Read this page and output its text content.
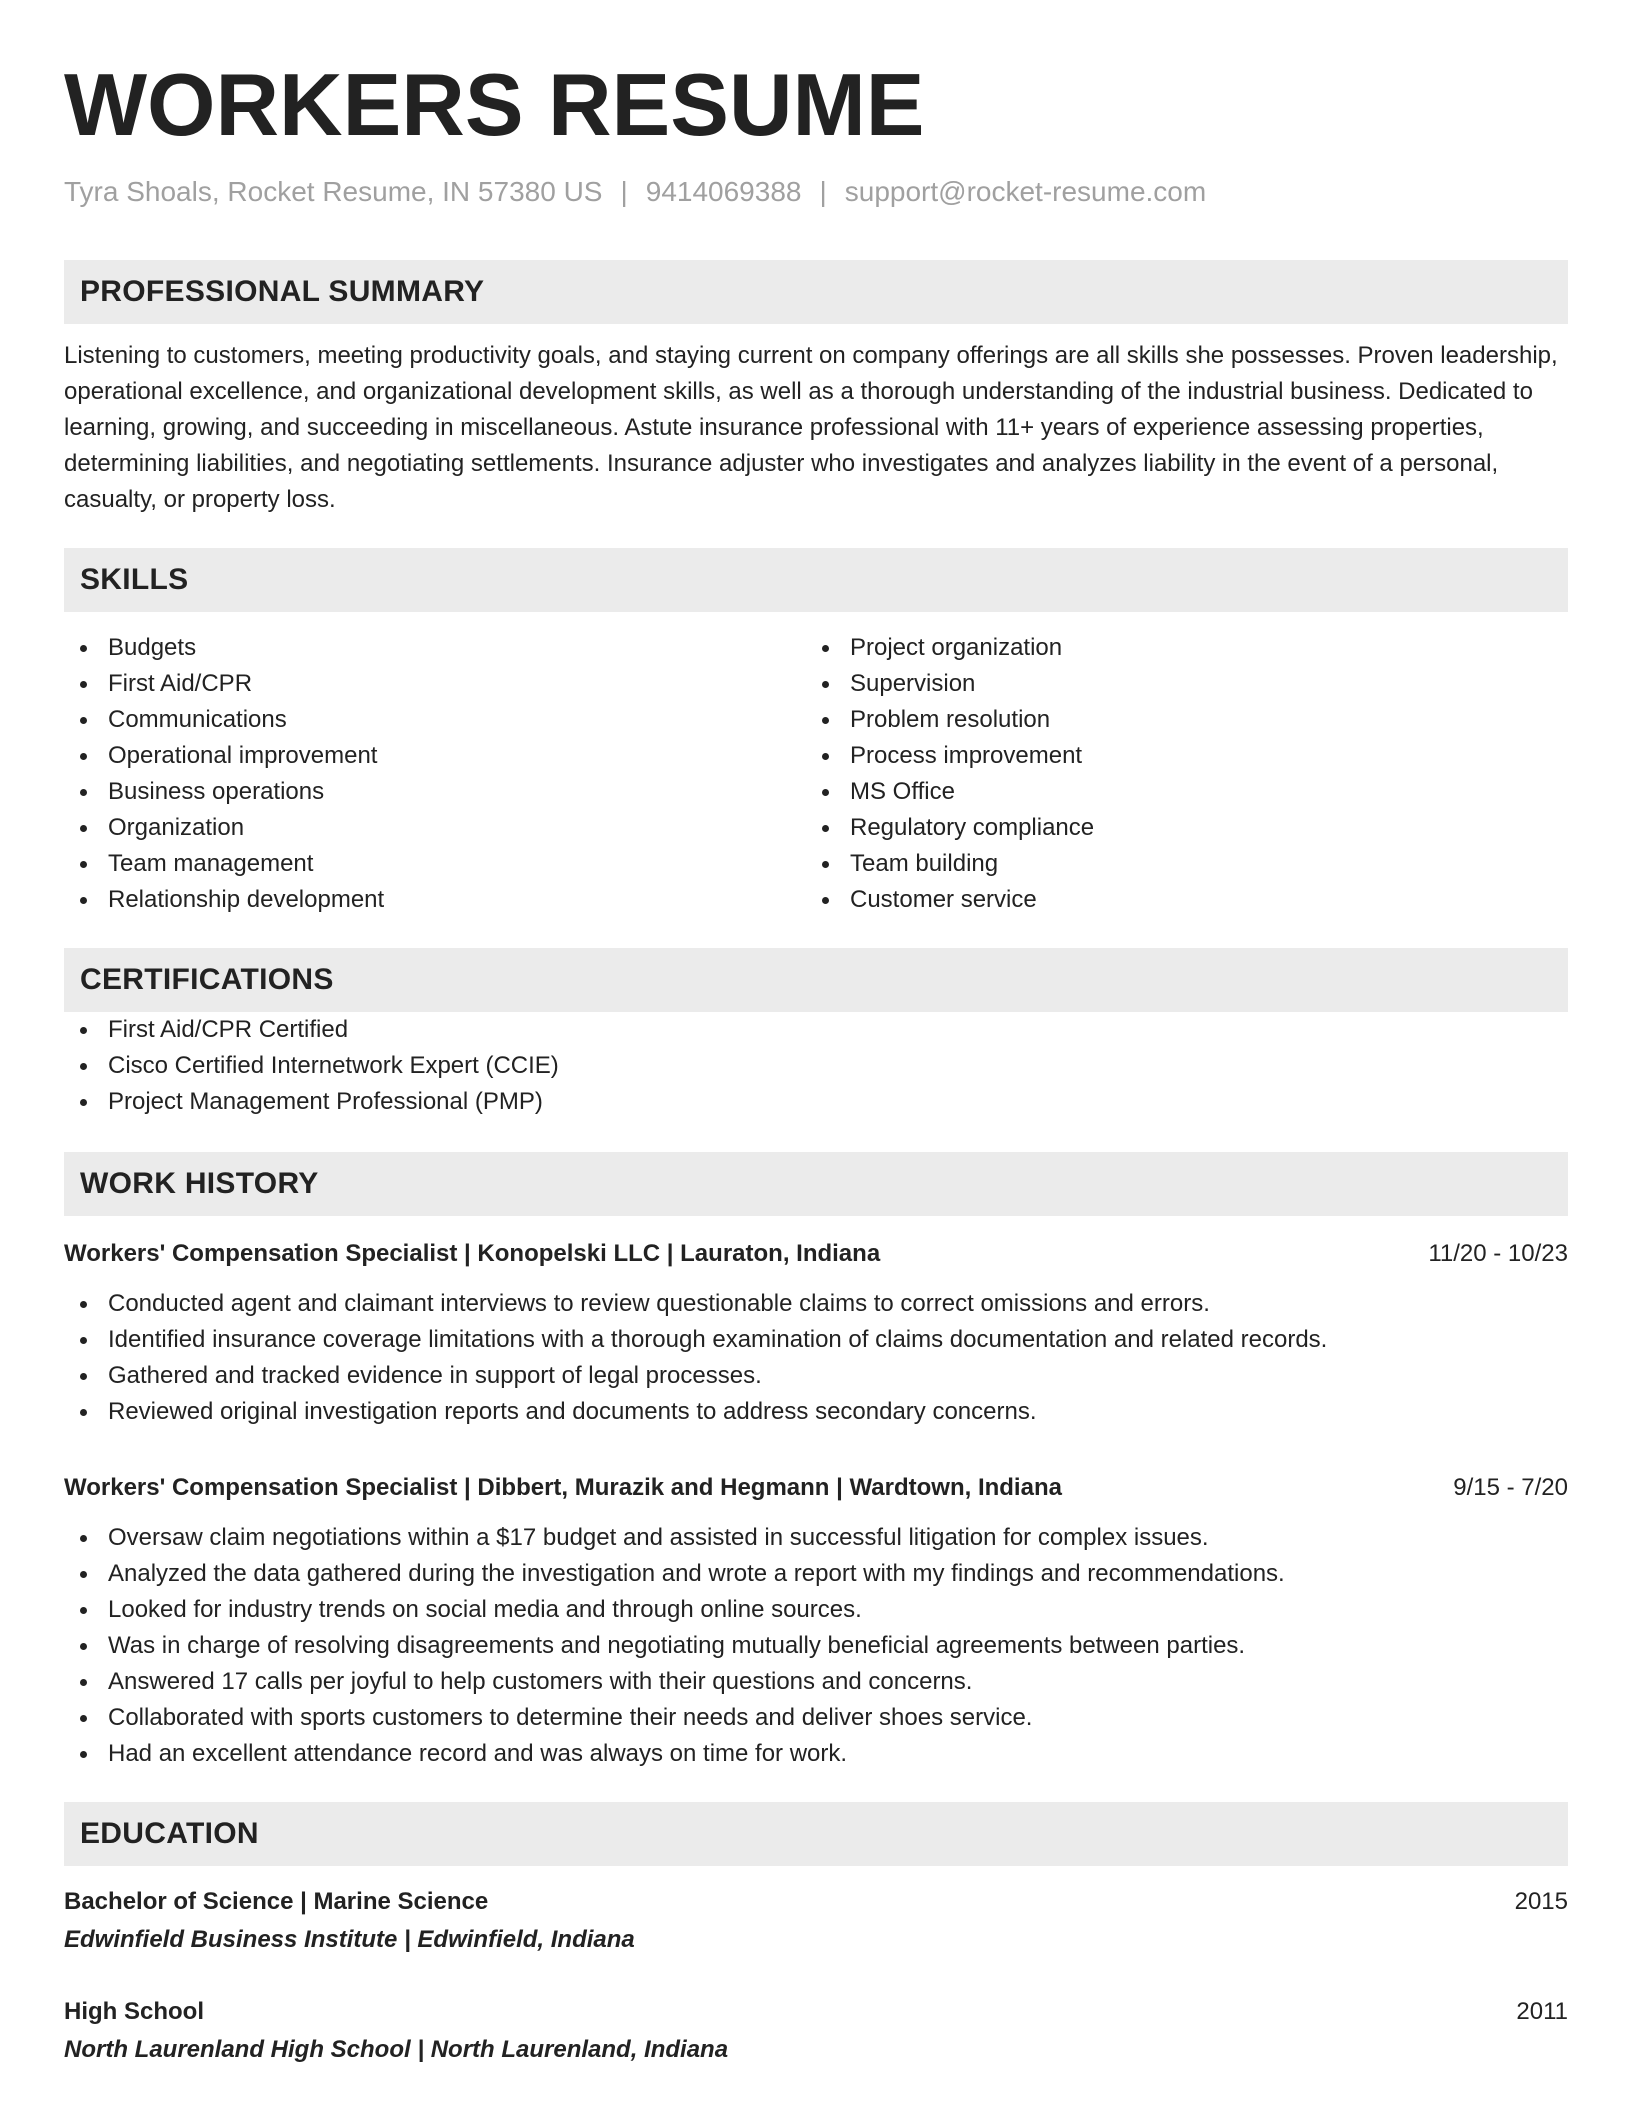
WORKERS RESUME
Tyra Shoals, Rocket Resume, IN 57380 US | 9414069388 | support@rocket-resume.com
PROFESSIONAL SUMMARY

Listening to customers, meeting productivity goals, and staying current on company offerings are all skills she possesses. Proven leadership, operational excellence, and organizational development skills, as well as a thorough understanding of the industrial business. Dedicated to learning, growing, and succeeding in miscellaneous. Astute insurance professional with 11+ years of experience assessing properties, determining liabilities, and negotiating settlements. Insurance adjuster who investigates and analyzes liability in the event of a personal, casualty, or property loss.

SKILLS
Budgets
First Aid/CPR
Communications
Operational improvement
Business operations
Organization
Team management
Relationship development
Project organization
Supervision
Problem resolution
Process improvement
MS Office
Regulatory compliance
Team building
Customer service
CERTIFICATIONS
First Aid/CPR Certified
Cisco Certified Internetwork Expert (CCIE)
Project Management Professional (PMP)
WORK HISTORY
Workers' Compensation Specialist | Konopelski LLC | Lauraton, Indiana	11/20 - 10/23
Conducted agent and claimant interviews to review questionable claims to correct omissions and errors.
Identified insurance coverage limitations with a thorough examination of claims documentation and related records.
Gathered and tracked evidence in support of legal processes.
Reviewed original investigation reports and documents to address secondary concerns.
Workers' Compensation Specialist | Dibbert, Murazik and Hegmann | Wardtown, Indiana	9/15 - 7/20
Oversaw claim negotiations within a $17 budget and assisted in successful litigation for complex issues.
Analyzed the data gathered during the investigation and wrote a report with my findings and recommendations.
Looked for industry trends on social media and through online sources.
Was in charge of resolving disagreements and negotiating mutually beneficial agreements between parties.
Answered 17 calls per joyful to help customers with their questions and concerns.
Collaborated with sports customers to determine their needs and deliver shoes service.
Had an excellent attendance record and was always on time for work.
EDUCATION
Bachelor of Science | Marine Science	2015
Edwinfield Business Institute | Edwinfield, Indiana
High School	2011
North Laurenland High School | North Laurenland, Indiana
